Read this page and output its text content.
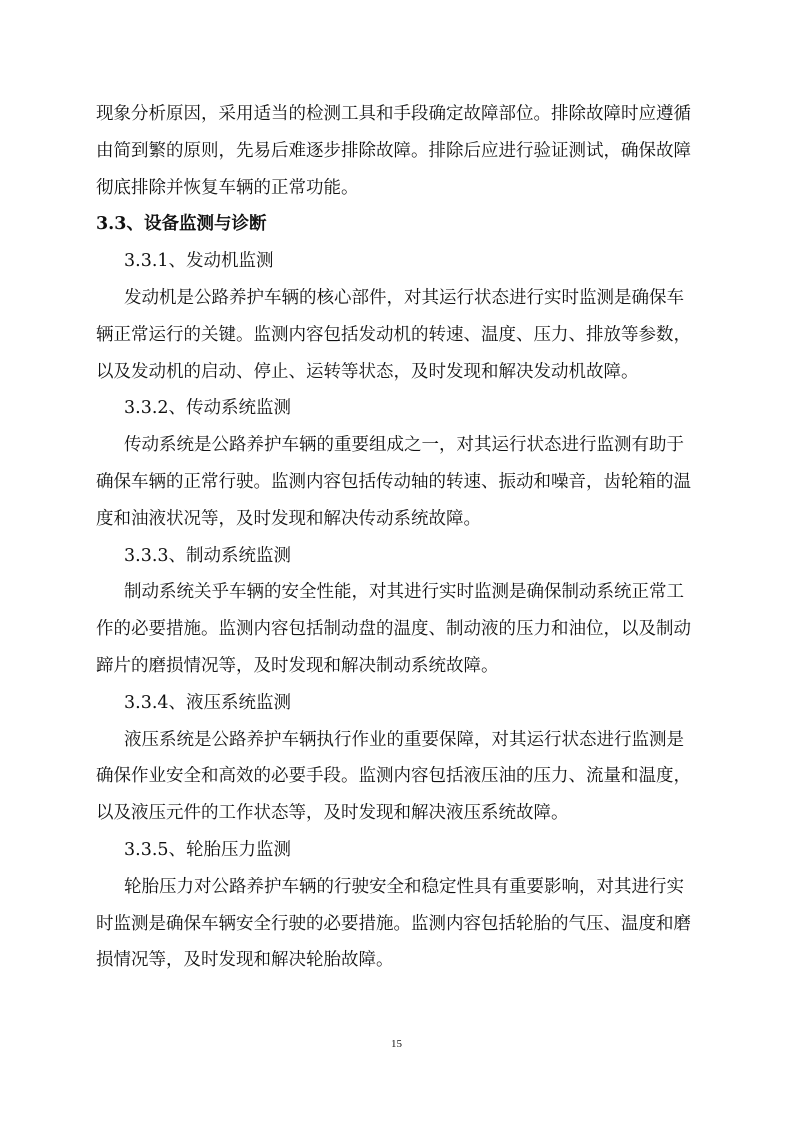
现象分析原因，采用适当的检测工具和手段确定故障部位。排除故障时应遵循
由简到繁的原则，先易后难逐步排除故障。排除后应进行验证测试，确保故障
彻底排除并恢复车辆的正常功能。
3.3、设备监测与诊断
3.3.1、发动机监测
发动机是公路养护车辆的核心部件，对其运行状态进行实时监测是确保车
辆正常运行的关键。监测内容包括发动机的转速、温度、压力、排放等参数，
以及发动机的启动、停止、运转等状态，及时发现和解决发动机故障。
3.3.2、传动系统监测
传动系统是公路养护车辆的重要组成之一，对其运行状态进行监测有助于
确保车辆的正常行驶。监测内容包括传动轴的转速、振动和噪音，齿轮箱的温
度和油液状况等，及时发现和解决传动系统故障。
3.3.3、制动系统监测
制动系统关乎车辆的安全性能，对其进行实时监测是确保制动系统正常工
作的必要措施。监测内容包括制动盘的温度、制动液的压力和油位，以及制动
蹄片的磨损情况等，及时发现和解决制动系统故障。
3.3.4、液压系统监测
液压系统是公路养护车辆执行作业的重要保障，对其运行状态进行监测是
确保作业安全和高效的必要手段。监测内容包括液压油的压力、流量和温度，
以及液压元件的工作状态等，及时发现和解决液压系统故障。
3.3.5、轮胎压力监测
轮胎压力对公路养护车辆的行驶安全和稳定性具有重要影响，对其进行实
时监测是确保车辆安全行驶的必要措施。监测内容包括轮胎的气压、温度和磨
损情况等，及时发现和解决轮胎故障。
15
